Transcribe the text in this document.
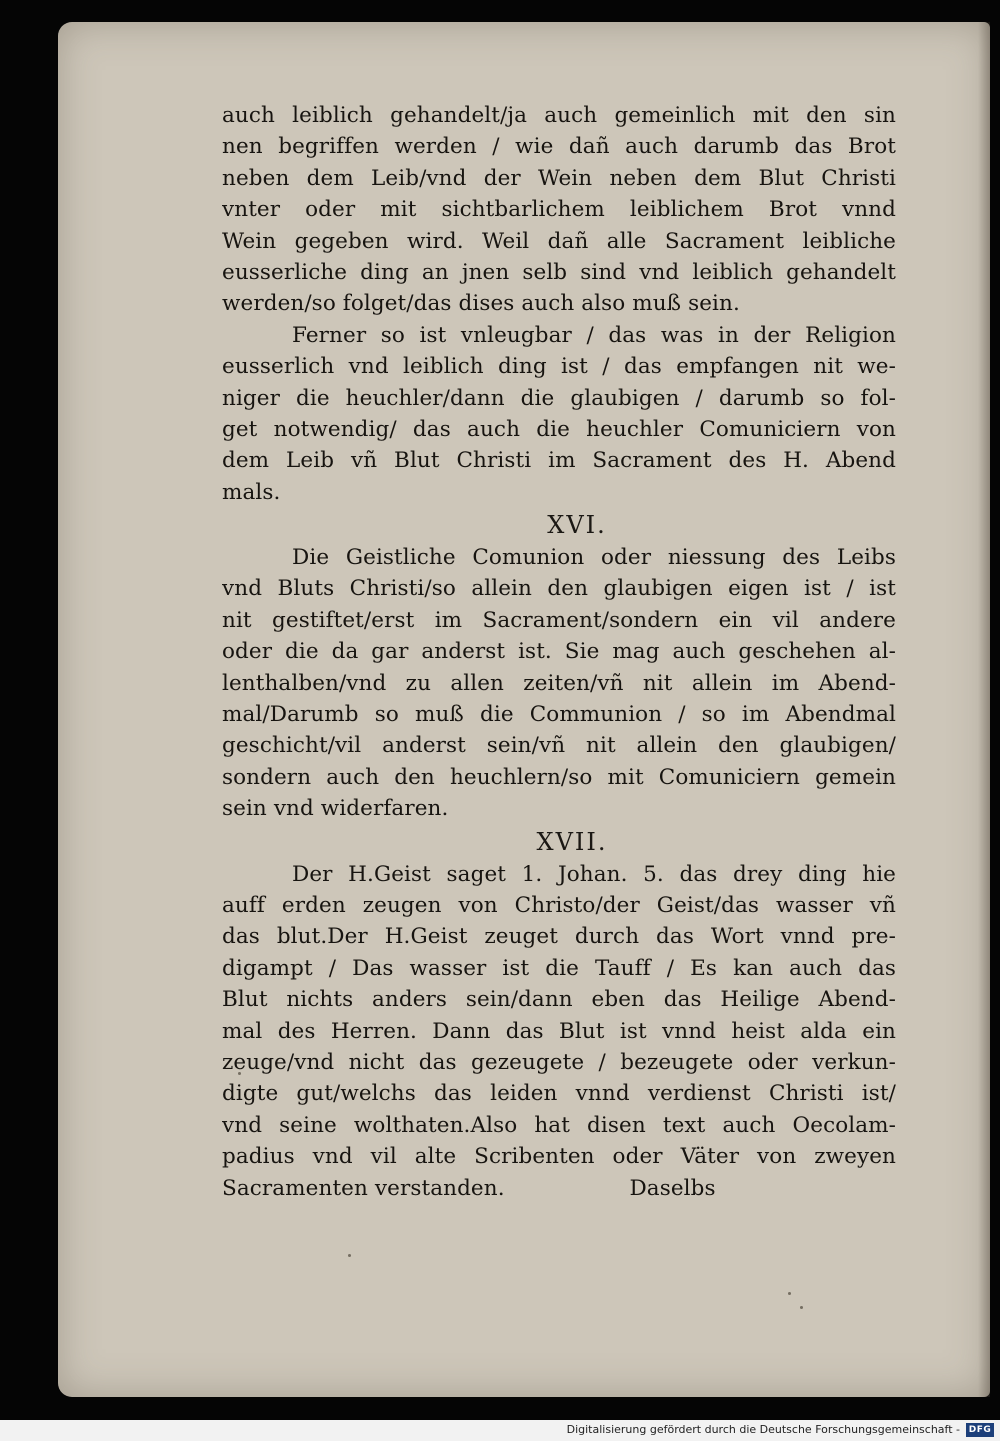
auch leiblich gehandelt/ja auch gemeinlich mit den sin
nen begriffen werden / wie dañ auch darumb das Brot
neben dem Leib/vnd der Wein neben dem Blut Christi
vnter oder mit sichtbarlichem leiblichem Brot vnnd
Wein gegeben wird. Weil dañ alle Sacrament leibliche
eusserliche ding an jnen selb sind vnd leiblich gehandelt
werden/so folget/das dises auch also muß sein.
Ferner so ist vnleugbar / das was in der Religion
eusserlich vnd leiblich ding ist / das empfangen nit we-
niger die heuchler/dann die glaubigen / darumb so fol-
get notwendig/ das auch die heuchler Comuniciern von
dem Leib vñ Blut Christi im Sacrament des H. Abend
mals.
XVI.
Die Geistliche Comunion oder niessung des Leibs
vnd Bluts Christi/so allein den glaubigen eigen ist / ist
nit gestiftet/erst im Sacrament/sondern ein vil andere
oder die da gar anderst ist. Sie mag auch geschehen al-
lenthalben/vnd zu allen zeiten/vñ nit allein im Abend-
mal/Darumb so muß die Communion / so im Abendmal
geschicht/vil anderst sein/vñ nit allein den glaubigen/
sondern auch den heuchlern/so mit Comuniciern gemein
sein vnd widerfaren.
XVII.
Der H.Geist saget 1. Johan. 5. das drey ding hie
auff erden zeugen von Christo/der Geist/das wasser vñ
das blut.Der H.Geist zeuget durch das Wort vnnd pre-
digampt / Das wasser ist die Tauff / Es kan auch das
Blut nichts anders sein/dann eben das Heilige Abend-
mal des Herren. Dann das Blut ist vnnd heist alda ein
zeuge/vnd nicht das gezeugete / bezeugete oder verkun-
digte gut/welchs das leiden vnnd verdienst Christi ist/
vnd seine wolthaten.Also hat disen text auch Oecolam-
padius vnd vil alte Scribenten oder Väter von zweyen
Sacramenten verstanden.                  Daselbs
Digitalisierung gefördert durch die Deutsche Forschungsgemeinschaft - DFG
